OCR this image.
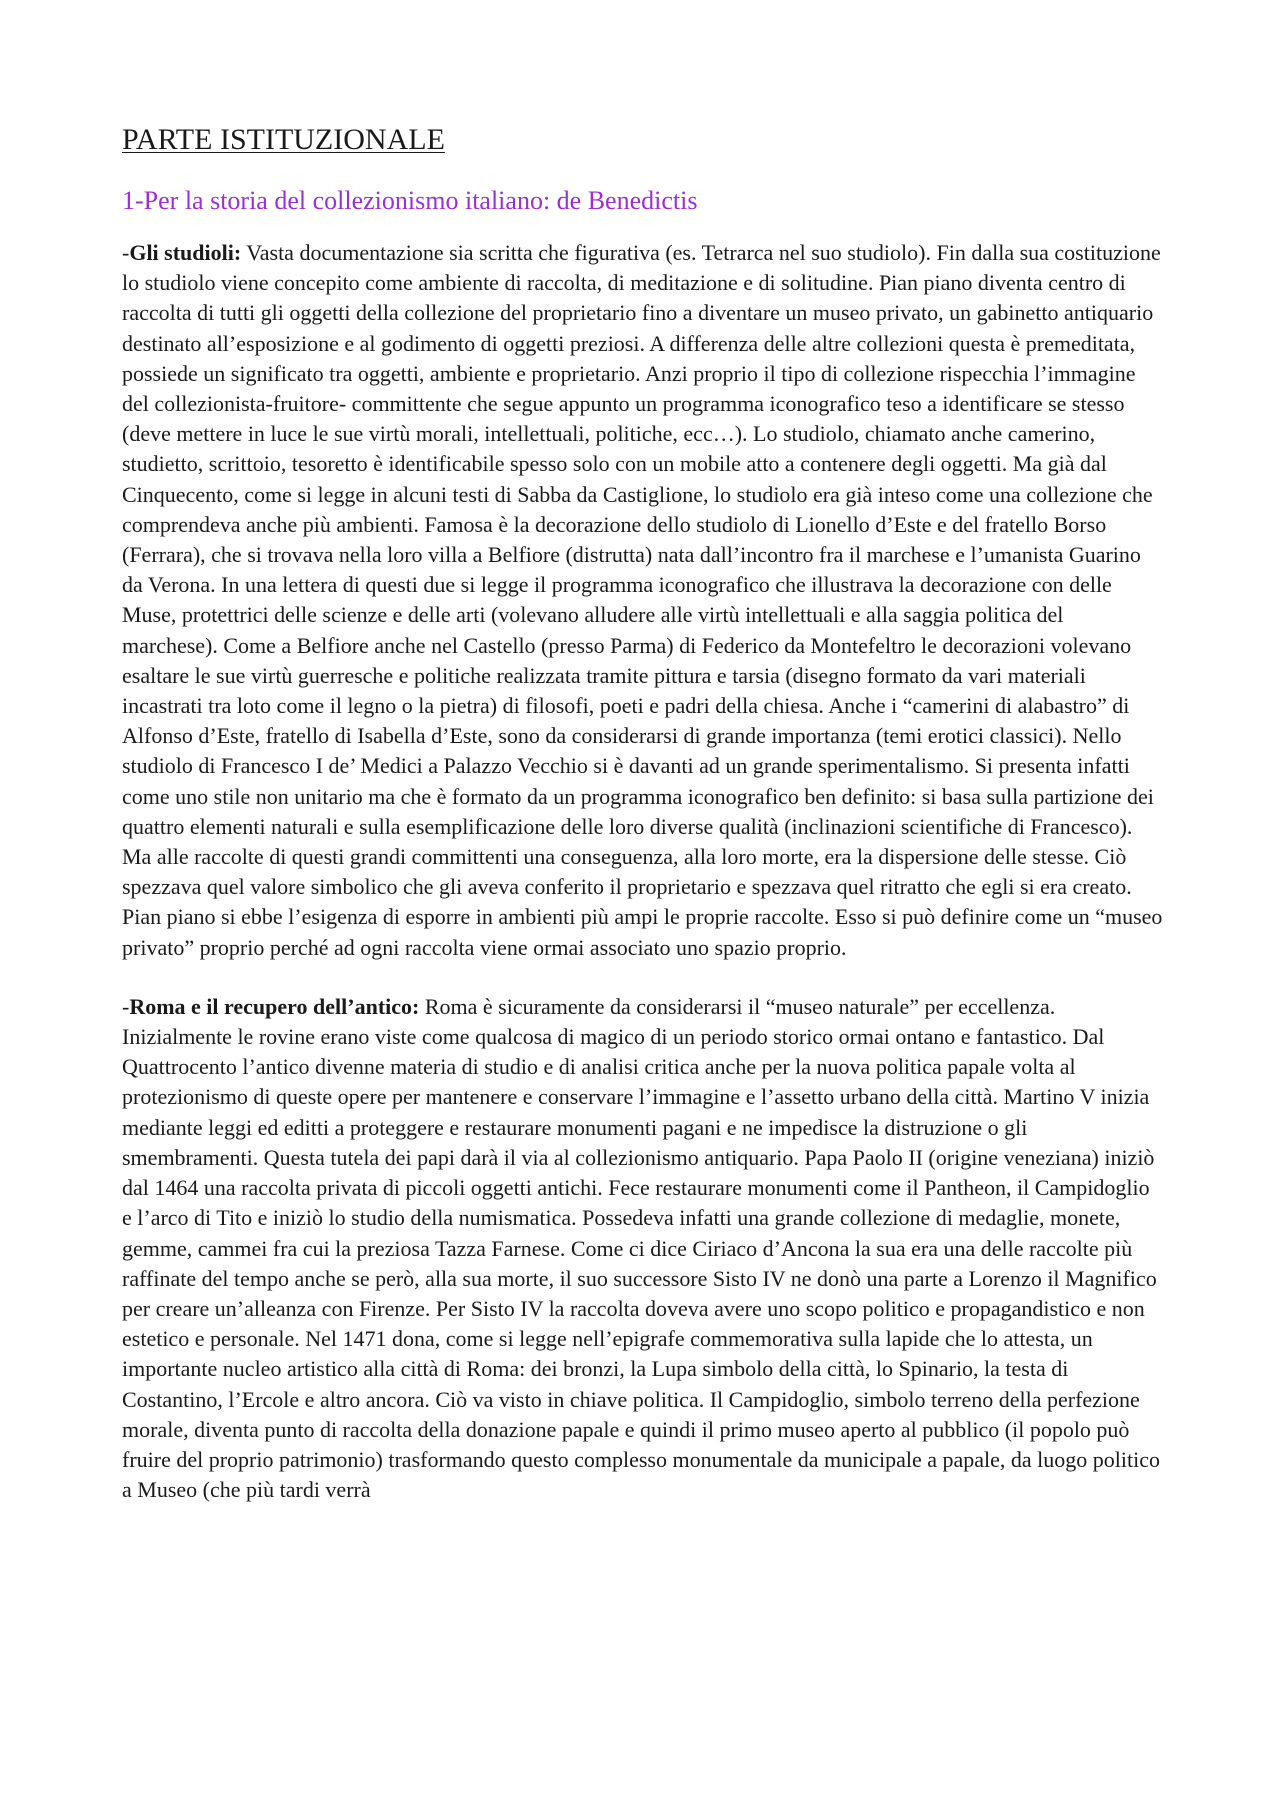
PARTE ISTITUZIONALE
1-Per la storia del collezionismo italiano: de Benedictis

-Gli studioli: Vasta documentazione sia scritta che figurativa (es. Tetrarca nel suo studiolo). Fin dalla sua costituzione lo studiolo viene concepito come ambiente di raccolta, di meditazione e di solitudine. Pian piano diventa centro di raccolta di tutti gli oggetti della collezione del proprietario fino a diventare un museo privato, un gabinetto antiquario destinato all’esposizione e al godimento di oggetti preziosi. A differenza delle altre collezioni questa è premeditata, possiede un significato tra oggetti, ambiente e proprietario. Anzi proprio il tipo di collezione rispecchia l’immagine del collezionista-fruitore- committente che segue appunto un programma iconografico teso a identificare se stesso (deve mettere in luce le sue virtù morali, intellettuali, politiche, ecc…). Lo studiolo, chiamato anche camerino, studietto, scrittoio, tesoretto è identificabile spesso solo con un mobile atto a contenere degli oggetti. Ma già dal Cinquecento, come si legge in alcuni testi di Sabba da Castiglione, lo studiolo era già inteso come una collezione che comprendeva anche più ambienti. Famosa è la decorazione dello studiolo di Lionello d’Este e del fratello Borso (Ferrara), che si trovava nella loro villa a Belfiore (distrutta) nata dall’incontro fra il marchese e l’umanista Guarino da Verona. In una lettera di questi due si legge il programma iconografico che illustrava la decorazione con delle Muse, protettrici delle scienze e delle arti (volevano alludere alle virtù intellettuali e alla saggia politica del marchese). Come a Belfiore anche nel Castello (presso Parma) di Federico da Montefeltro le decorazioni volevano esaltare le sue virtù guerresche e politiche realizzata tramite pittura e tarsia (disegno formato da vari materiali incastrati tra loto come il legno o la pietra) di filosofi, poeti e padri della chiesa. Anche i “camerini di alabastro” di Alfonso d’Este, fratello di Isabella d’Este, sono da considerarsi di grande importanza (temi erotici classici). Nello studiolo di Francesco I de’ Medici a Palazzo Vecchio si è davanti ad un grande sperimentalismo. Si presenta infatti come uno stile non unitario ma che è formato da un programma iconografico ben definito: si basa sulla partizione dei quattro elementi naturali e sulla esemplificazione delle loro diverse qualità (inclinazioni scientifiche di Francesco). Ma alle raccolte di questi grandi committenti una conseguenza, alla loro morte, era la dispersione delle stesse. Ciò spezzava quel valore simbolico che gli aveva conferito il proprietario e spezzava quel ritratto che egli si era creato. Pian piano si ebbe l’esigenza di esporre in ambienti più ampi le proprie raccolte. Esso si può definire come un “museo privato” proprio perché ad ogni raccolta viene ormai associato uno spazio proprio.

-Roma e il recupero dell’antico: Roma è sicuramente da considerarsi il “museo naturale” per eccellenza. Inizialmente le rovine erano viste come qualcosa di magico di un periodo storico ormai ontano e fantastico. Dal Quattrocento l’antico divenne materia di studio e di analisi critica anche per la nuova politica papale volta al protezionismo di queste opere per mantenere e conservare l’immagine e l’assetto urbano della città. Martino V inizia mediante leggi ed editti a proteggere e restaurare monumenti pagani e ne impedisce la distruzione o gli smembramenti. Questa tutela dei papi darà il via al collezionismo antiquario. Papa Paolo II (origine veneziana) iniziò dal 1464 una raccolta privata di piccoli oggetti antichi. Fece restaurare monumenti come il Pantheon, il Campidoglio e l’arco di Tito e iniziò lo studio della numismatica. Possedeva infatti una grande collezione di medaglie, monete, gemme, cammei fra cui la preziosa Tazza Farnese. Come ci dice Ciriaco d’Ancona la sua era una delle raccolte più raffinate del tempo anche se però, alla sua morte, il suo successore Sisto IV ne donò una parte a Lorenzo il Magnifico per creare un’alleanza con Firenze. Per Sisto IV la raccolta doveva avere uno scopo politico e propagandistico e non estetico e personale. Nel 1471 dona, come si legge nell’epigrafe commemorativa sulla lapide che lo attesta, un importante nucleo artistico alla città di Roma: dei bronzi, la Lupa simbolo della città, lo Spinario, la testa di Costantino, l’Ercole e altro ancora. Ciò va visto in chiave politica. Il Campidoglio, simbolo terreno della perfezione morale, diventa punto di raccolta della donazione papale e quindi il primo museo aperto al pubblico (il popolo può fruire del proprio patrimonio) trasformando questo complesso monumentale da municipale a papale, da luogo politico a Museo (che più tardi verrà
